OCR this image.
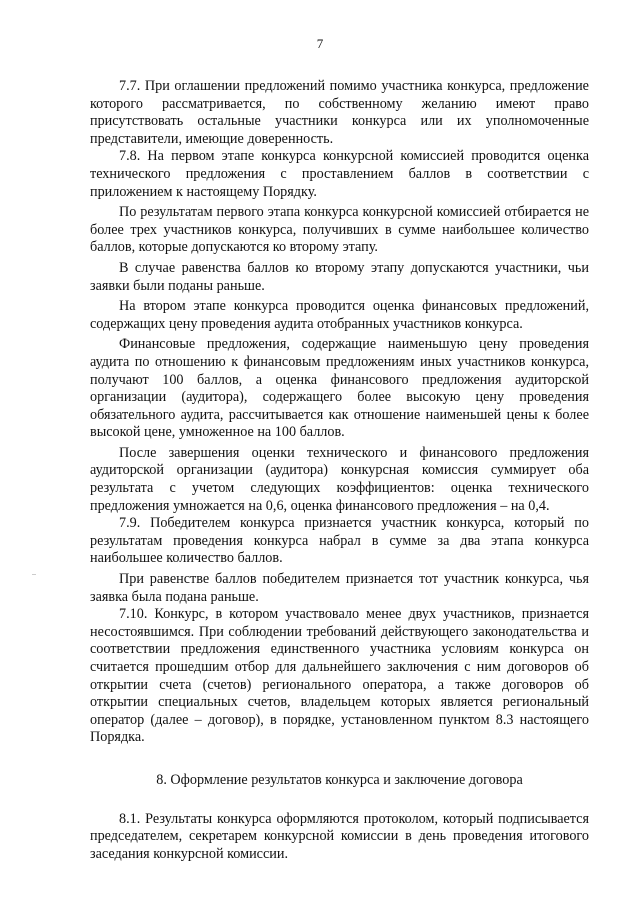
7

7.7. При оглашении предложений помимо участника конкурса, предложение которого рассматривается, по собственному желанию имеют право присутствовать остальные участники конкурса или их уполномоченные представители, имеющие доверенность.

7.8. На первом этапе конкурса конкурсной комиссией проводится оценка технического предложения с проставлением баллов в соответствии с приложением к настоящему Порядку.

По результатам первого этапа конкурса конкурсной комиссией отбирается не более трех участников конкурса, получивших в сумме наибольшее количество баллов, которые допускаются ко второму этапу.

В случае равенства баллов ко второму этапу допускаются участники, чьи заявки были поданы раньше.

На втором этапе конкурса проводится оценка финансовых предложений, содержащих цену проведения аудита отобранных участников конкурса.

Финансовые предложения, содержащие наименьшую цену проведения аудита по отношению к финансовым предложениям иных участников конкурса, получают 100 баллов, а оценка финансового предложения аудиторской организации (аудитора), содержащего более высокую цену проведения обязательного аудита, рассчитывается как отношение наименьшей цены к более высокой цене, умноженное на 100 баллов.

После завершения оценки технического и финансового предложения аудиторской организации (аудитора) конкурсная комиссия суммирует оба результата с учетом следующих коэффициентов: оценка технического предложения умножается на 0,6, оценка финансового предложения – на 0,4.

7.9. Победителем конкурса признается участник конкурса, который по результатам проведения конкурса набрал в сумме за два этапа конкурса наибольшее количество баллов.

При равенстве баллов победителем признается тот участник конкурса, чья заявка была подана раньше.

7.10. Конкурс, в котором участвовало менее двух участников, признается несостоявшимся. При соблюдении требований действующего законодательства и соответствии предложения единственного участника условиям конкурса он считается прошедшим отбор для дальнейшего заключения с ним договоров об открытии счета (счетов) регионального оператора, а также договоров об открытии специальных счетов, владельцем которых является региональный оператор (далее – договор), в порядке, установленном пунктом 8.3 настоящего Порядка.

8. Оформление результатов конкурса и заключение договора

8.1. Результаты конкурса оформляются протоколом, который подписывается председателем, секретарем конкурсной комиссии в день проведения итогового заседания конкурсной комиссии.
